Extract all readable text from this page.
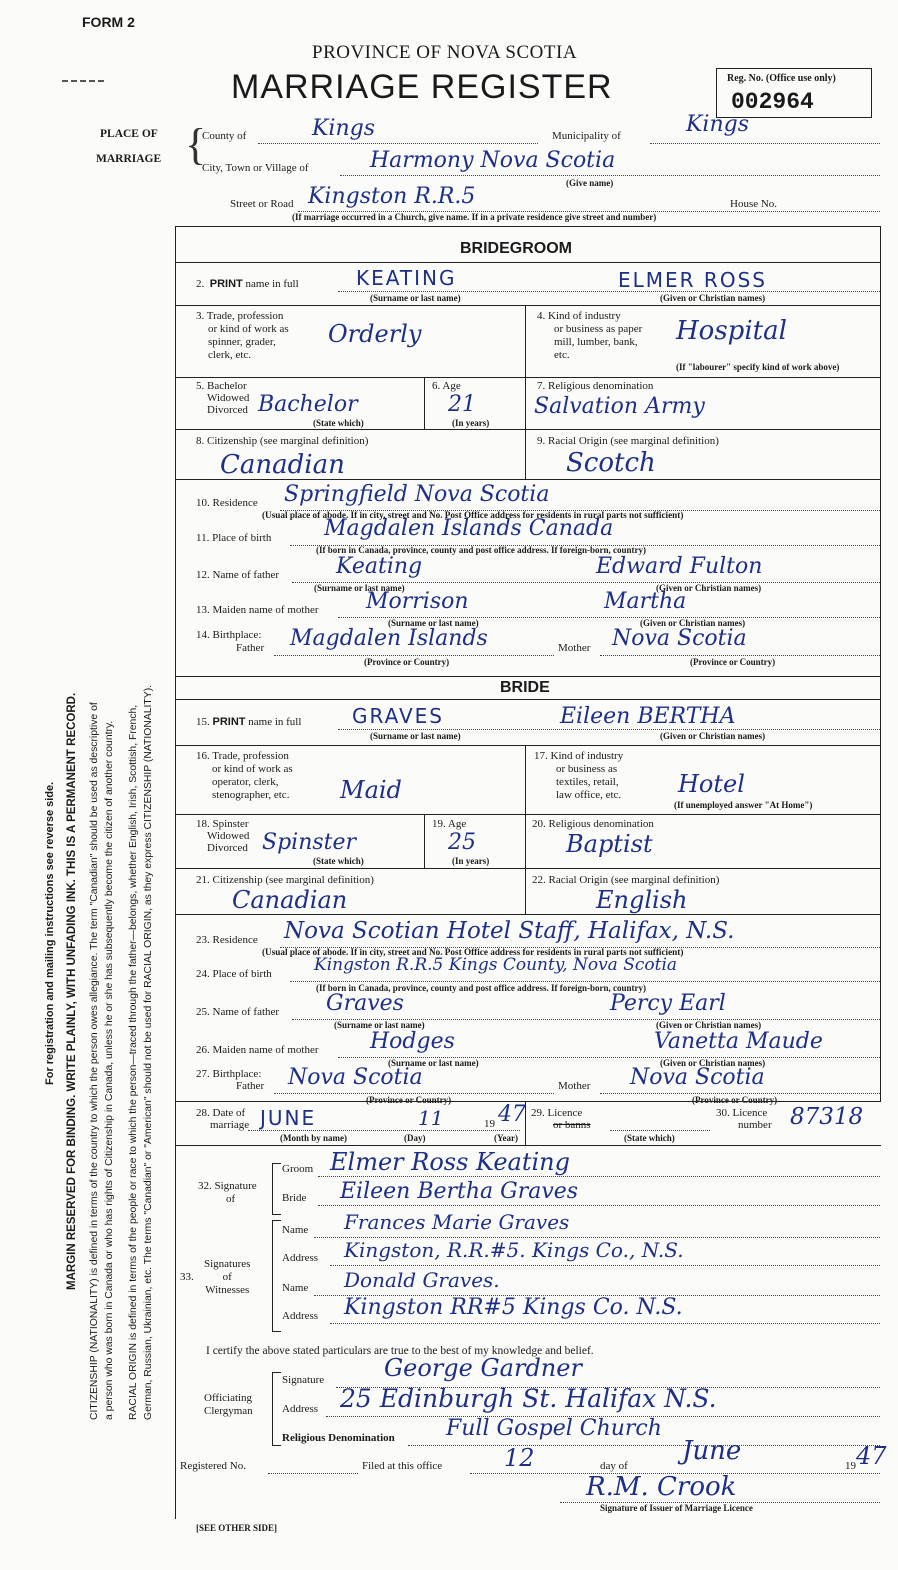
FORM 2
PROVINCE OF NOVA SCOTIA
MARRIAGE REGISTER	Reg. No. (Office use only)
002964
For registration and mailing instructions see reverse side. MARGIN RESERVED FOR BINDING. WRITE PLAINLY, WITH UNFADING INK. THIS IS A PERMANENT RECORD. CITIZENSHIP (NATIONALITY) is defined in terms of the country to which the person owes allegiance. The term "Canadian" should be used as descriptive of a person who was born in Canada or who has rights of Citizenship in Canada, unless he or she has subsequently become the citizen of another country. RACIAL ORIGIN is defined in terms of the people or race to which the person—traced through the father—belongs, whether English, Irish, Scottish, French, German, Russian, Ukrainian, etc. The terms "Canadian" or "American" should not be used for RACIAL ORIGIN, as they express CITIZENSHIP (NATIONALITY).
PLACE OF
MARRIAGE {
County of	Kings	Municipality of	Kings
City, Town or Village of	Harmony Nova Scotia
(Give name)
Street or Road Kingston R.R.5	House No.
(If marriage occurred in a Church, give name. If in a private residence give street and number)
BRIDEGROOM
2. PRINT name in full	KEATING	ELMER ROSS
(Surname or last name)	(Given or Christian names)
3. Trade, profession
or kind of work as
spinner, grader,
clerk, etc.
Orderly
4. Kind of industry
or business as paper
mill, lumber, bank,
etc.
Hospital
(If "labourer" specify kind of work above)
5. Bachelor
Widowed
Divorced Bachelor
(State which)
6. Age
21
(In years)
7. Religious denomination
Salvation Army
8. Citizenship (see marginal definition)
Canadian
9. Racial Origin (see marginal definition)
Scotch
10. Residence Springfield Nova Scotia
(Usual place of abode. If in city, street and No. Post Office address for residents in rural parts not sufficient)
11. Place of birth Magdalen Islands Canada
(If born in Canada, province, county and post office address. If foreign-born, country)
12. Name of father	Keating	Edward Fulton
(Surname or last name)	(Given or Christian names)
13. Maiden name of mother Morrison	Martha
(Surname or last name)	(Given or Christian names)
14. Birthplace:
Father Magdalen Islands	Mother Nova Scotia
(Province or Country)	(Province or Country)
BRIDE
15. PRINT name in full	GRAVES	Eileen BERTHA
(Surname or last name)	(Given or Christian names)
16. Trade, profession
or kind of work as
operator, clerk,
stenographer, etc. Maid
17. Kind of industry
or business as
textiles, retail,
law office, etc. Hotel
(If unemployed answer "At Home")
18. Spinster
Widowed
Divorced Spinster
(State which)
19. Age
25
(In years)
20. Religious denomination
Baptist
21. Citizenship (see marginal definition)
Canadian
22. Racial Origin (see marginal definition)
English
23. Residence Nova Scotian Hotel Staff, Halifax, N.S.
(Usual place of abode. If in city, street and No. Post Office address for residents in rural parts not sufficient)
24. Place of birth Kingston R.R.5 Kings County, Nova Scotia
(If born in Canada, province, county and post office address. If foreign-born, country)
25. Name of father Graves	Percy Earl
(Surname or last name)	(Given or Christian names)
26. Maiden name of mother Hodges	Vanetta Maude
(Surname or last name)	(Given or Christian names)
27. Birthplace:
Father Nova Scotia	Mother Nova Scotia
(Province or Country)	(Province or Country)
28. Date of
marriage JUNE	11	19 47
(Month by name)	(Day)	(Year)
29. Licence
or banns
(State which)
30. Licence
number 87318
32. Signature
of
Groom Elmer Ross Keating
Bride Eileen Bertha Graves
Signatures
of
Witnesses
33.
Name Frances Marie Graves
Address Kingston, R.R.#5. Kings Co., N.S.
Name Donald Graves.
Address Kingston RR#5 Kings Co. N.S.
I certify the above stated particulars are true to the best of my knowledge and belief.
Officiating
Clergyman
Signature George Gardner
Address 25 Edinburgh St. Halifax N.S.
Religious Denomination Full Gospel Church
Registered No.	Filed at this office	12	day of June	19 47
R.M. Crook
Signature of Issuer of Marriage Licence
[SEE OTHER SIDE]
